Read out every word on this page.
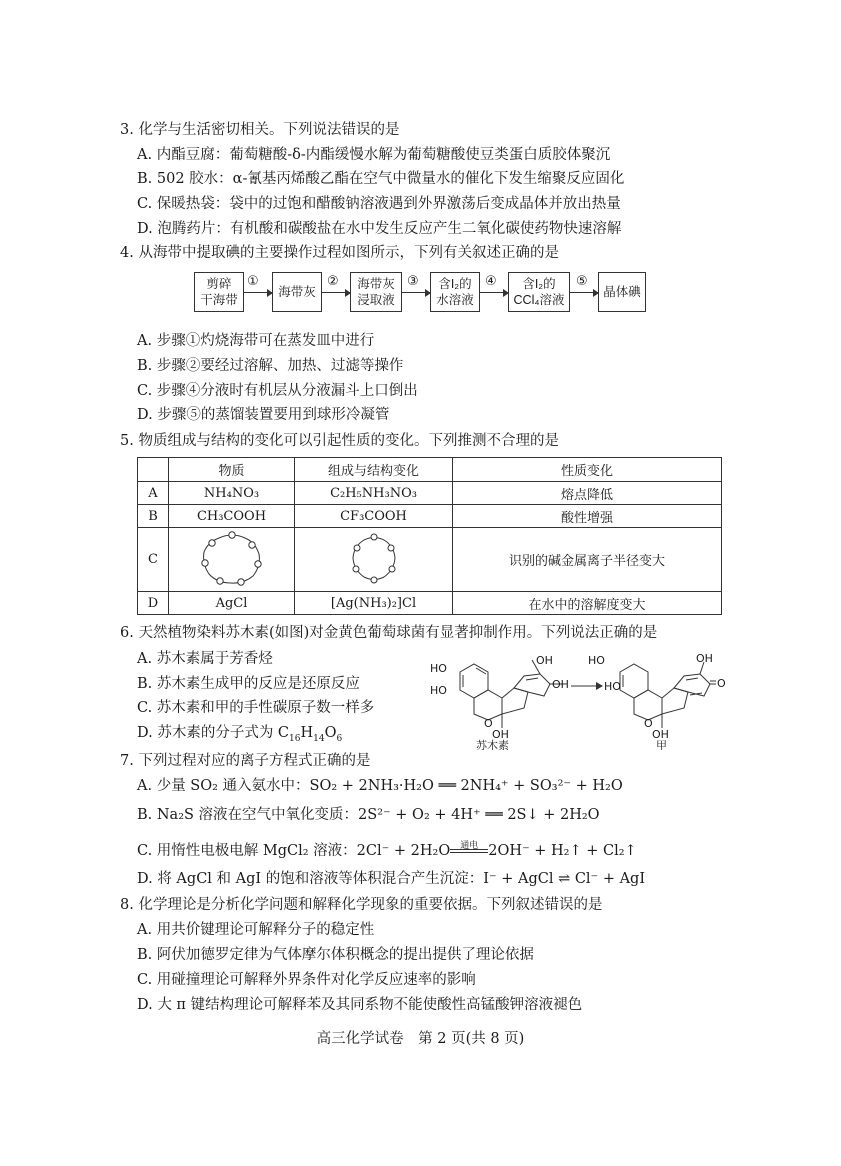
3. 化学与生活密切相关。下列说法错误的是
A. 内酯豆腐：葡萄糖酸-δ-内酯缓慢水解为葡萄糖酸使豆类蛋白质胶体聚沉
B. 502 胶水：α-氰基丙烯酸乙酯在空气中微量水的催化下发生缩聚反应固化
C. 保暖热袋：袋中的过饱和醋酸钠溶液遇到外界激荡后变成晶体并放出热量
D. 泡腾药片：有机酸和碳酸盐在水中发生反应产生二氧化碳使药物快速溶解
4. 从海带中提取碘的主要操作过程如图所示，下列有关叙述正确的是
剪碎
干海带
①
海带灰
②	海带灰
浸取液
③	含I₂的
水溶液
④	含I₂的
CCl₄溶液
⑤
晶体碘
A. 步骤①灼烧海带可在蒸发皿中进行
B. 步骤②要经过溶解、加热、过滤等操作
C. 步骤④分液时有机层从分液漏斗上口倒出
D. 步骤⑤的蒸馏装置要用到球形冷凝管
5. 物质组成与结构的变化可以引起性质的变化。下列推测不合理的是
	物质	组成与结构变化	性质变化
A	NH₄NO₃	C₂H₅NH₃NO₃	熔点降低
B	CH₃COOH	CF₃COOH	酸性增强
C			识别的碱金属离子半径变大
D	AgCl	[Ag(NH₃)₂]Cl	在水中的溶解度变大
6. 天然植物染料苏木素(如图)对金黄色葡萄球菌有显著抑制作用。下列说法正确的是
A. 苏木素属于芳香烃
B. 苏木素生成甲的反应是还原反应
C. 苏木素和甲的手性碳原子数一样多
D. 苏木素的分子式为 $C_{16}H_{14}O_6$
HO
HO
OH
OH
O
OH
苏木素
HO
HO
OH
O
O
OH
甲
7. 下列过程对应的离子方程式正确的是
A. 少量 SO₂ 通入氨水中：SO₂ + 2NH₃·H₂O ══ 2NH₄⁺ + SO₃²⁻ + H₂O
B. Na₂S 溶液在空气中氧化变质：2S²⁻ + O₂ + 4H⁺ ══ 2S↓ + 2H₂O
C. 用惰性电极电解 MgCl₂ 溶液：2Cl⁻ + 2H₂O	通电 2OH⁻ + H₂↑ + Cl₂↑
D. 将 AgCl 和 AgI 的饱和溶液等体积混合产生沉淀：I⁻ + AgCl ⇌ Cl⁻ + AgI
8. 化学理论是分析化学问题和解释化学现象的重要依据。下列叙述错误的是
A. 用共价键理论可解释分子的稳定性
B. 阿伏加德罗定律为气体摩尔体积概念的提出提供了理论依据
C. 用碰撞理论可解释外界条件对化学反应速率的影响
D. 大 π 键结构理论可解释苯及其同系物不能使酸性高锰酸钾溶液褪色
高三化学试卷　第 2 页(共 8 页)
